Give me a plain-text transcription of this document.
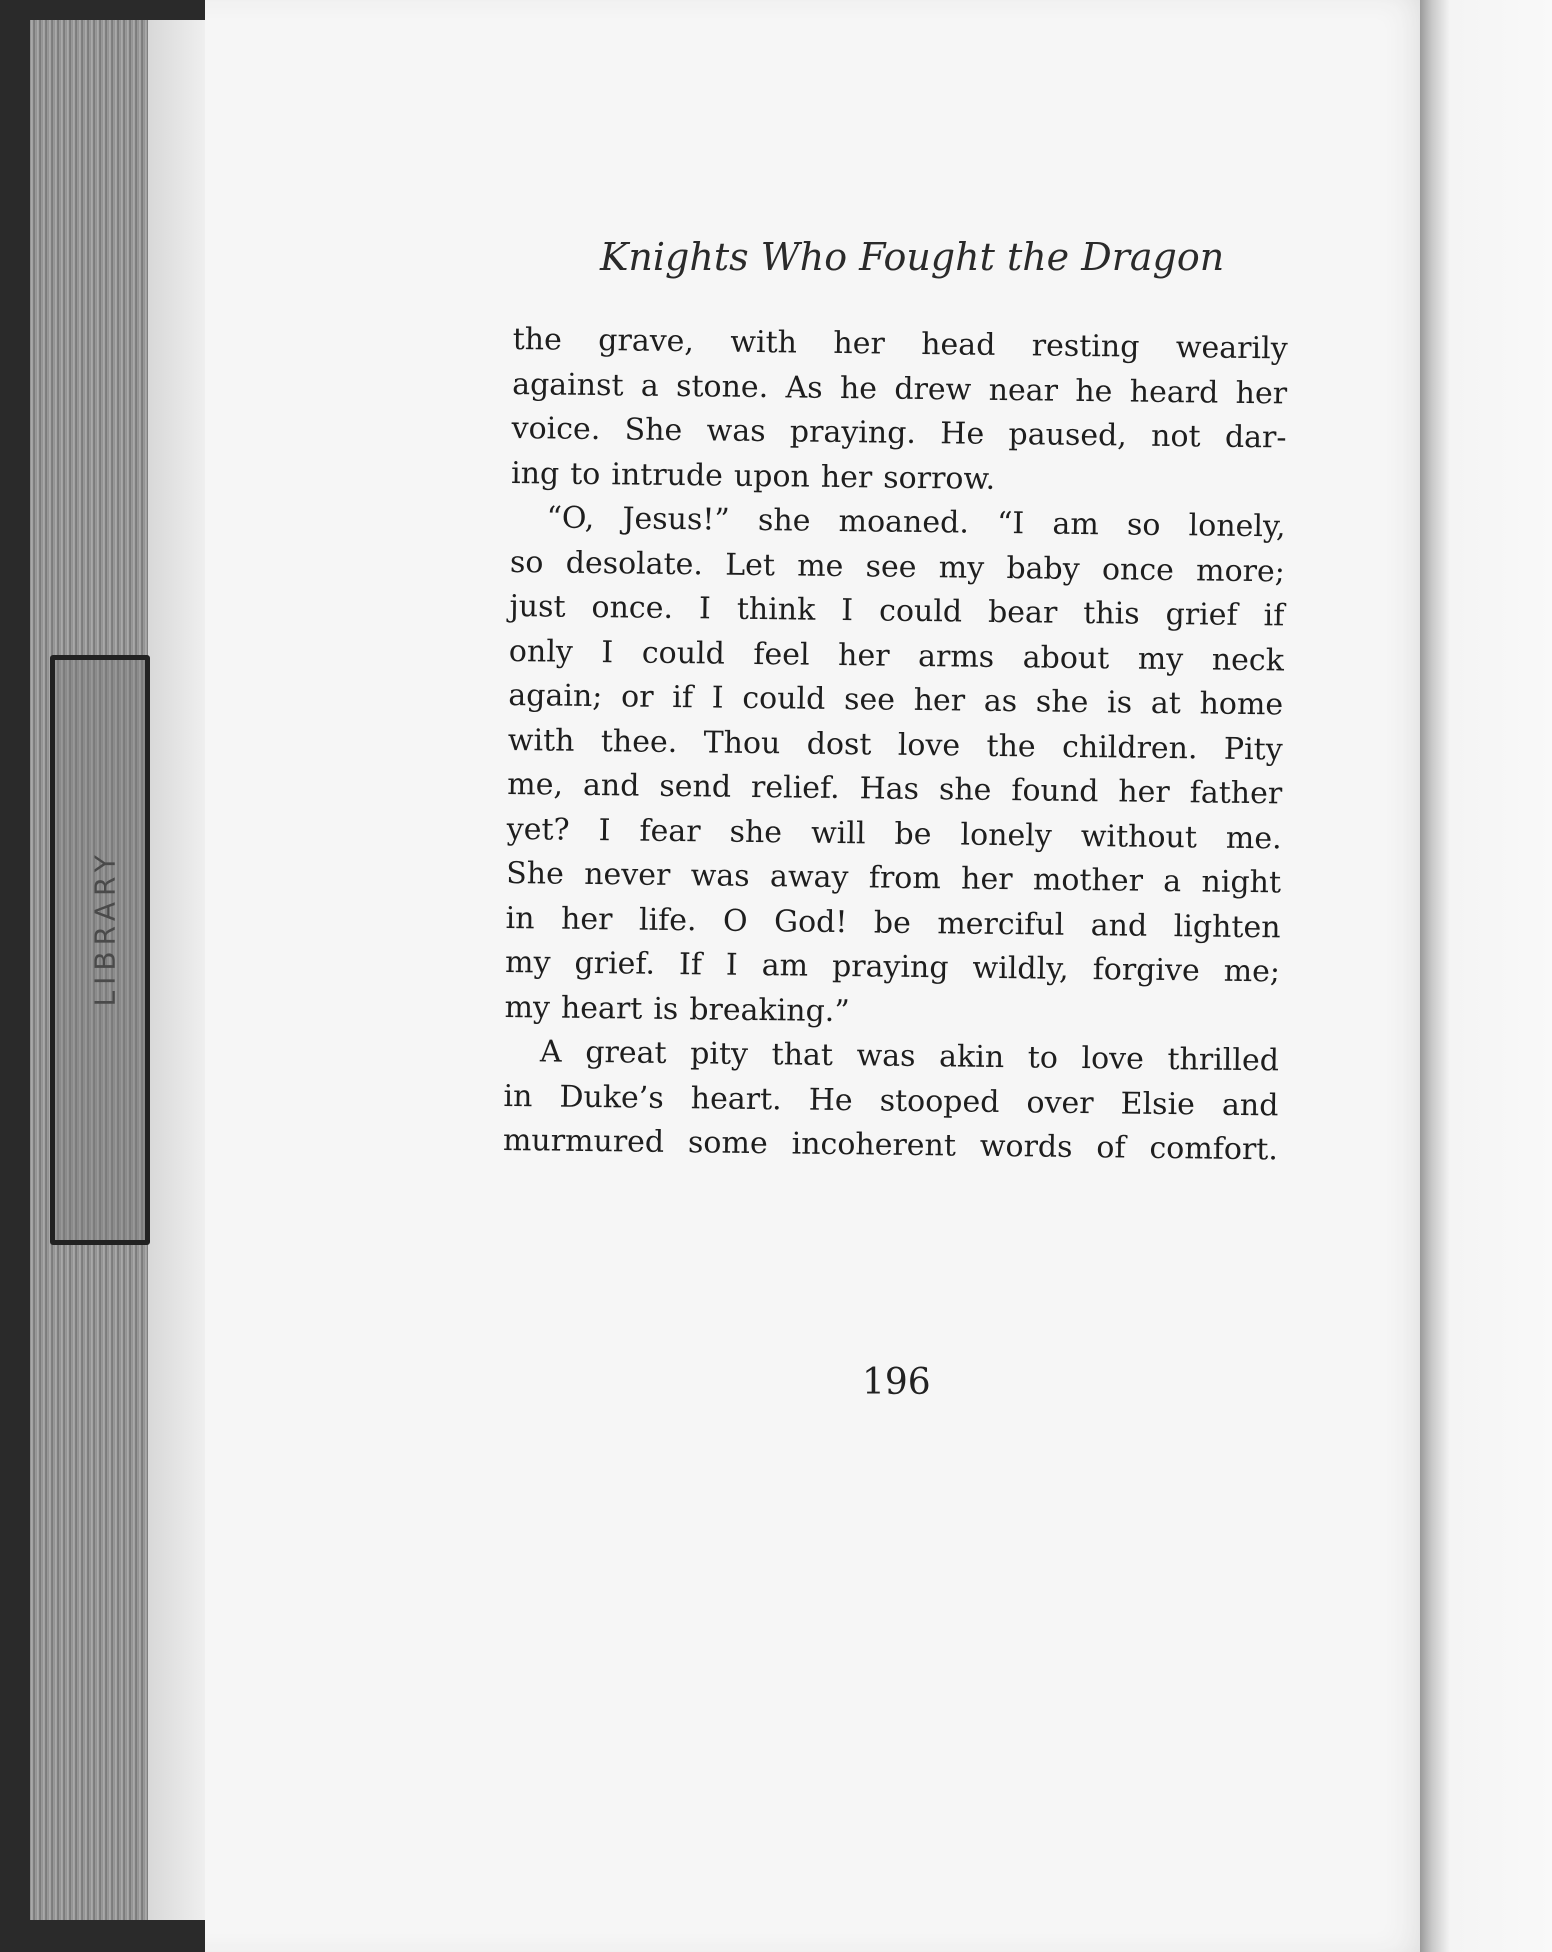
LIBRARY
Knights Who Fought the Dragon
the grave, with her head resting wearily
against a stone. As he drew near he heard her
voice. She was praying. He paused, not dar-
ing to intrude upon her sorrow.
“O, Jesus!” she moaned. “I am so lonely,
so desolate. Let me see my baby once more;
just once. I think I could bear this grief if
only I could feel her arms about my neck
again; or if I could see her as she is at home
with thee. Thou dost love the children. Pity
me, and send relief. Has she found her father
yet? I fear she will be lonely without me.
She never was away from her mother a night
in her life. O God! be merciful and lighten
my grief. If I am praying wildly, forgive me;
my heart is breaking.”
A great pity that was akin to love thrilled
in Duke’s heart. He stooped over Elsie and
murmured some incoherent words of comfort.
196
